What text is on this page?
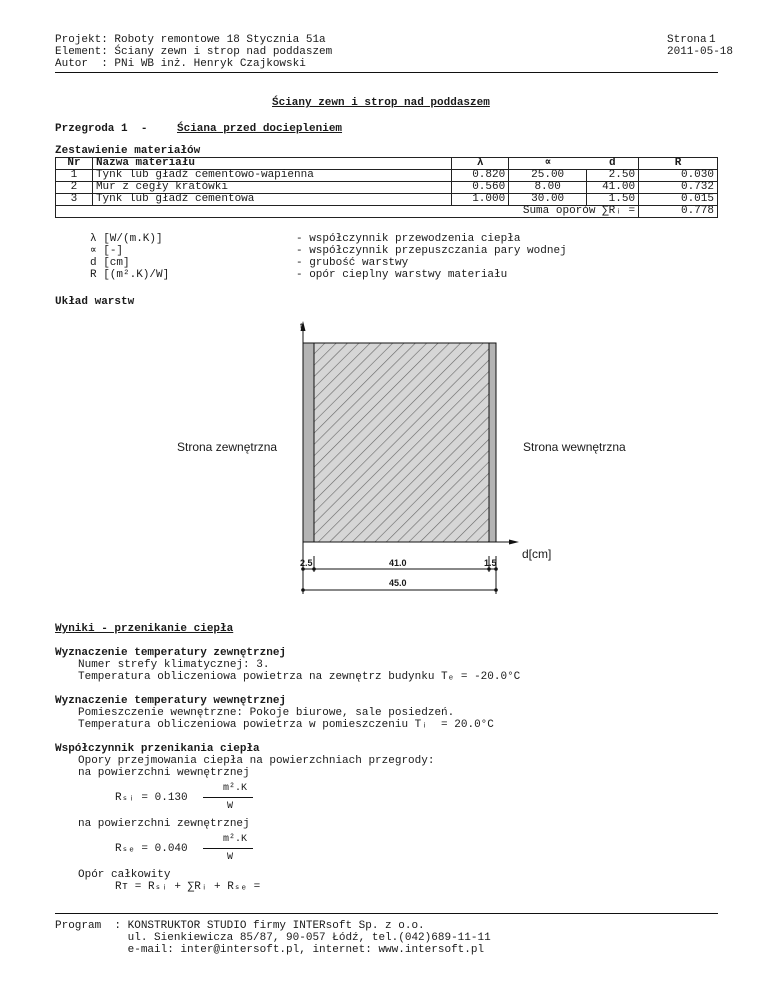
Projekt: Roboty remontowe 18 Stycznia 51a
Element: Ściany zewn i strop nad poddaszem
Autor  : PNi WB inż. Henryk Czajkowski
Strona 1
2011-05-18
Ściany zewn i strop nad poddaszem
Przegroda 1  -	Ściana przed dociepleniem
Zestawienie materiałów
Nr	Nazwa materiału	λ	∝	d	R
1	Tynk lub gładź cementowo-wapienna	0.820	25.00	2.50	0.030
2	Mur z cegły kratówki	0.560	8.00	41.00	0.732
3	Tynk lub gładź cementowa	1.000	30.00	1.50	0.015
Suma oporów ∑Rᵢ =					0.778
λ [W/(m.K)]	- współczynnik przewodzenia ciepła
∝ [-]	- współczynnik przepuszczania pary wodnej
d [cm]	- grubość warstwy
R [(m².K)/W]	- opór cieplny warstwy materiału
Układ warstw
t
Strona zewnętrzna	Strona wewnętrzna
d[cm]
2.5	41.0	1.5
45.0
Wyniki - przenikanie ciepła
Wyznaczenie temperatury zewnętrznej
Numer strefy klimatycznej: 3.
Temperatura obliczeniowa powietrza na zewnętrz budynku Tₑ = -20.0°C
Wyznaczenie temperatury wewnętrznej
Pomieszczenie wewnętrzne: Pokoje biurowe, sale posiedzeń.
Temperatura obliczeniowa powietrza w pomieszczeniu Tᵢ  = 20.0°C
Współczynnik przenikania ciepła
Opory przejmowania ciepła na powierzchniach przegrody:
na powierzchni wewnętrznej
m².K
Rₛᵢ = 0.130
W
na powierzchni zewnętrznej
m².K
Rₛₑ = 0.040
W
Opór całkowity
Rᴛ = Rₛᵢ + ∑Rᵢ + Rₛₑ =
Program  : KONSTRUKTOR STUDIO firmy INTERsoft Sp. z o.o.
ul. Sienkiewicza 85/87, 90-057 Łódź, tel.(042)689-11-11
e-mail: inter@intersoft.pl, internet: www.intersoft.pl
